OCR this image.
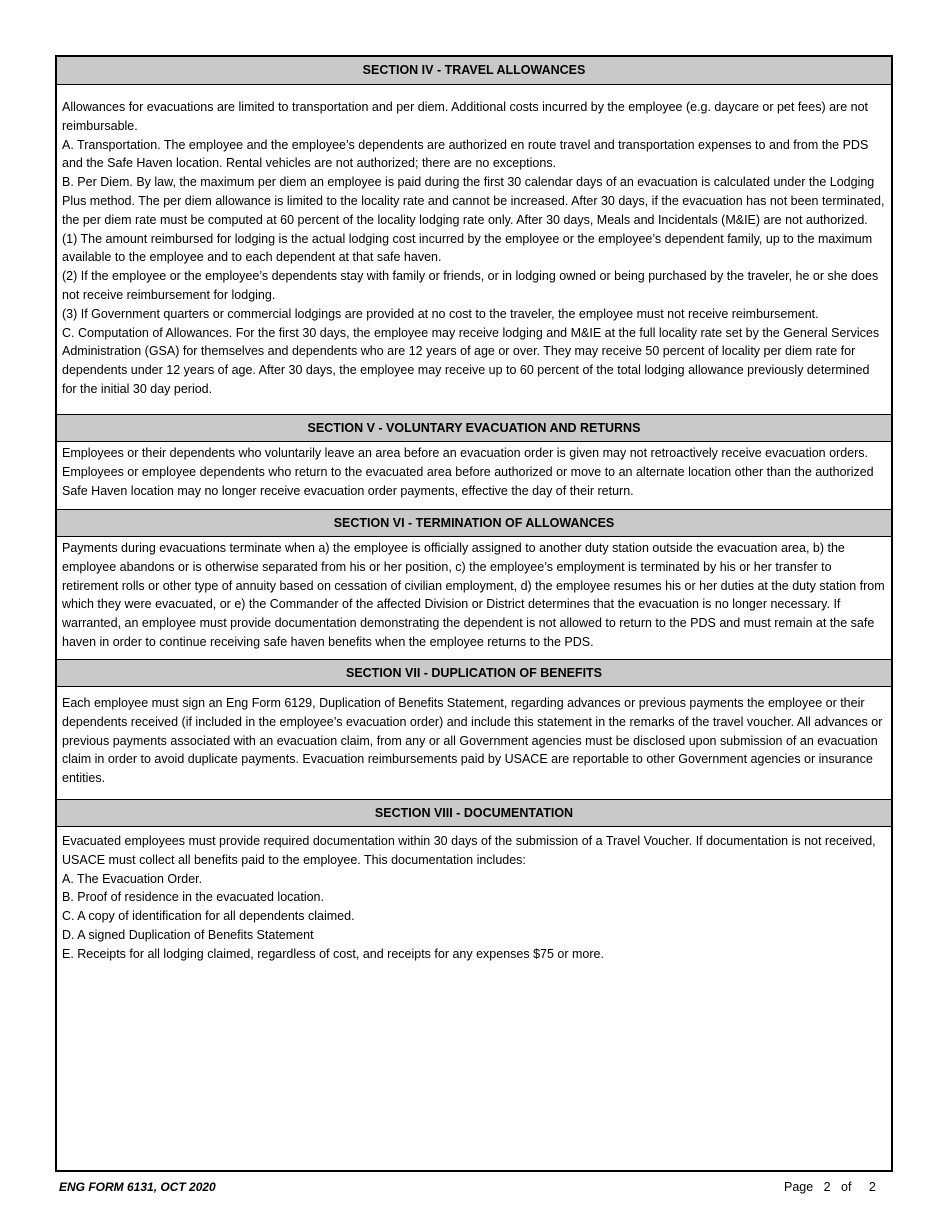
SECTION IV - TRAVEL ALLOWANCES

Allowances for evacuations are limited to transportation and per diem. Additional costs incurred by the employee (e.g. daycare or pet fees) are not reimbursable.

A. Transportation. The employee and the employee’s dependents are authorized en route travel and transportation expenses to and from the PDS and the Safe Haven location. Rental vehicles are not authorized; there are no exceptions.

B. Per Diem. By law, the maximum per diem an employee is paid during the first 30 calendar days of an evacuation is calculated under the Lodging Plus method. The per diem allowance is limited to the locality rate and cannot be increased. After 30 days, if the evacuation has not been terminated, the per diem rate must be computed at 60 percent of the locality lodging rate only. After 30 days, Meals and Incidentals (M&IE) are not authorized.

(1) The amount reimbursed for lodging is the actual lodging cost incurred by the employee or the employee’s dependent family, up to the maximum available to the employee and to each dependent at that safe haven.

(2) If the employee or the employee’s dependents stay with family or friends, or in lodging owned or being purchased by the traveler, he or she does not receive reimbursement for lodging.

(3) If Government quarters or commercial lodgings are provided at no cost to the traveler, the employee must not receive reimbursement.

C. Computation of Allowances. For the first 30 days, the employee may receive lodging and M&IE at the full locality rate set by the General Services Administration (GSA) for themselves and dependents who are 12 years of age or over. They may receive 50 percent of locality per diem rate for dependents under 12 years of age. After 30 days, the employee may receive up to 60 percent of the total lodging allowance previously determined for the initial 30 day period.

SECTION V - VOLUNTARY EVACUATION AND RETURNS

Employees or their dependents who voluntarily leave an area before an evacuation order is given may not retroactively receive evacuation orders. Employees or employee dependents who return to the evacuated area before authorized or move to an alternate location other than the authorized Safe Haven location may no longer receive evacuation order payments, effective the day of their return.

SECTION VI - TERMINATION OF ALLOWANCES

Payments during evacuations terminate when a) the employee is officially assigned to another duty station outside the evacuation area, b) the employee abandons or is otherwise separated from his or her position, c) the employee’s employment is terminated by his or her transfer to retirement rolls or other type of annuity based on cessation of civilian employment, d) the employee resumes his or her duties at the duty station from which they were evacuated, or e) the Commander of the affected Division or District determines that the evacuation is no longer necessary. If warranted, an employee must provide documentation demonstrating the dependent is not allowed to return to the PDS and must remain at the safe haven in order to continue receiving safe haven benefits when the employee returns to the PDS.

SECTION VII - DUPLICATION OF BENEFITS

Each employee must sign an Eng Form 6129, Duplication of Benefits Statement, regarding advances or previous payments the employee or their dependents received (if included in the employee’s evacuation order) and include this statement in the remarks of the travel voucher. All advances or previous payments associated with an evacuation claim, from any or all Government agencies must be disclosed upon submission of an evacuation claim in order to avoid duplicate payments. Evacuation reimbursements paid by USACE are reportable to other Government agencies or insurance entities.

SECTION VIII - DOCUMENTATION

Evacuated employees must provide required documentation within 30 days of the submission of a Travel Voucher. If documentation is not received, USACE must collect all benefits paid to the employee. This documentation includes:

A. The Evacuation Order.

B. Proof of residence in the evacuated location.

C. A copy of identification for all dependents claimed.

D. A signed Duplication of Benefits Statement

E. Receipts for all lodging claimed, regardless of cost, and receipts for any expenses $75 or more.

ENG FORM 6131, OCT 2020	Page 2 of 2
